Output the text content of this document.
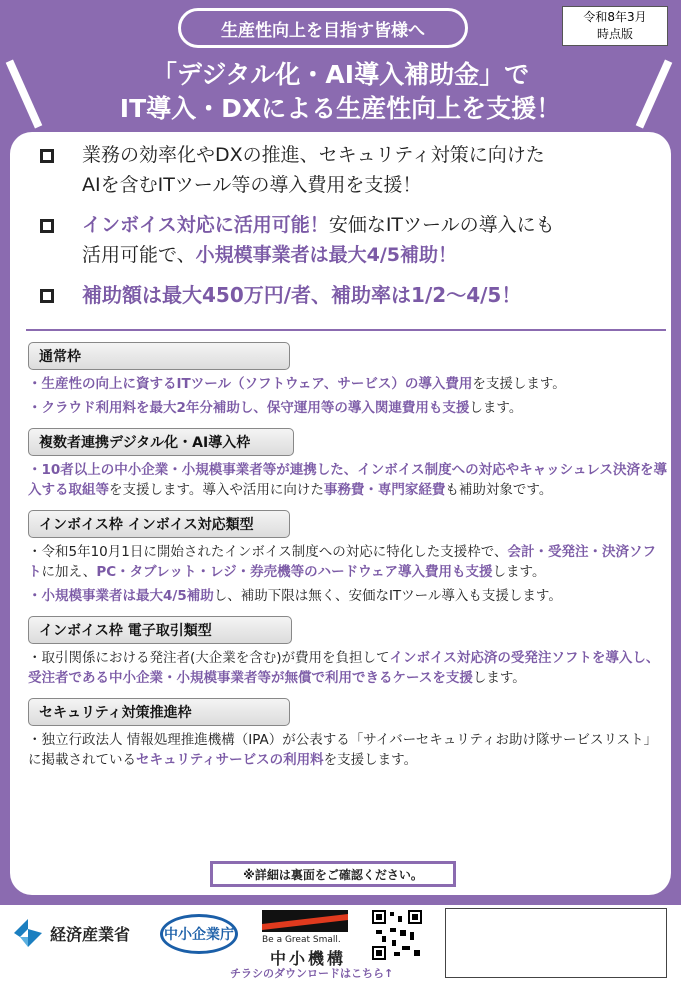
生産性向上を目指す皆様へ
令和8年3月
時点版
「デジタル化・AI導入補助金」で
IT導入・DXによる生産性向上を支援！
業務の効率化やDXの推進、セキュリティ対策に向けた
AIを含むITツール等の導入費用を支援！
インボイス対応に活用可能！安価なITツールの導入にも
活用可能で、小規模事業者は最大4/5補助！
補助額は最大450万円/者、補助率は1/2～4/5！
通常枠
・生産性の向上に資するITツール（ソフトウェア、サービス）の導入費用を支援します。
・クラウド利用料を最大2年分補助し、保守運用等の導入関連費用も支援します。
複数者連携デジタル化・AI導入枠
・10者以上の中小企業・小規模事業者等が連携した、インボイス制度への対応やキャッシュレス決済を導入する取組等を支援します。導入や活用に向けた事務費・専門家経費も補助対象です。
インボイス枠 インボイス対応類型
・令和5年10月1日に開始されたインボイス制度への対応に特化した支援枠で、会計・受発注・決済ソフトに加え、PC・タブレット・レジ・券売機等のハードウェア導入費用も支援します。
・小規模事業者は最大4/5補助し、補助下限は無く、安価なITツール導入も支援します。
インボイス枠 電子取引類型
・取引関係における発注者(大企業を含む)が費用を負担してインボイス対応済の受発注ソフトを導入し、受注者である中小企業・小規模事業者等が無償で利用できるケースを支援します。
セキュリティ対策推進枠
・独立行政法人 情報処理推進機構（IPA）が公表する「サイバーセキュリティお助け隊サービスリスト」に掲載されているセキュリティサービスの利用料を支援します。
※詳細は裏面をご確認ください。
経済産業省 中小企業庁	Be a Great Small.
中小機構
チラシのダウンロードはこちら↑
